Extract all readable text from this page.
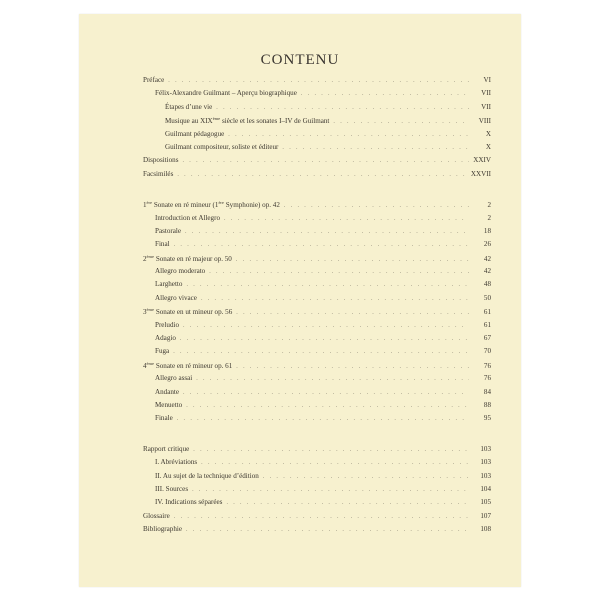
CONTENU
Préface . . .	VI
Félix-Alexandre Guilmant – Aperçu biographique . . .	VII
Étapes d’une vie . . .	VII
Musique au XIXème siècle et les sonates I–IV de Guilmant . . .	VIII
Guilmant pédagogue . . .	X
Guilmant compositeur, soliste et éditeur . . .	X
Dispositions . . .	XXIV
Facsimilés . . .	XXVII
1ère Sonate en ré mineur (1ère Symphonie) op. 42 . . .	2
Introduction et Allegro . . .	2
Pastorale . . .	18
Final . . .	26
2ème Sonate en ré majeur op. 50 . . .	42
Allegro moderato . . .	42
Larghetto . . .	48
Allegro vivace . . .	50
3ème Sonate en ut mineur op. 56 . . .	61
Preludio . . .	61
Adagio . . .	67
Fuga . . .	70
4ème Sonate en ré mineur op. 61 . . .	76
Allegro assai . . .	76
Andante . . .	84
Menuetto . . .	88
Finale . . .	95
Rapport critique . . .	103
I. Abréviations . . .	103
II. Au sujet de la technique d’édition . . .	103
III. Sources . . .	104
IV. Indications séparées . . .	105
Glossaire . . .	107
Bibliographie . . .	108
